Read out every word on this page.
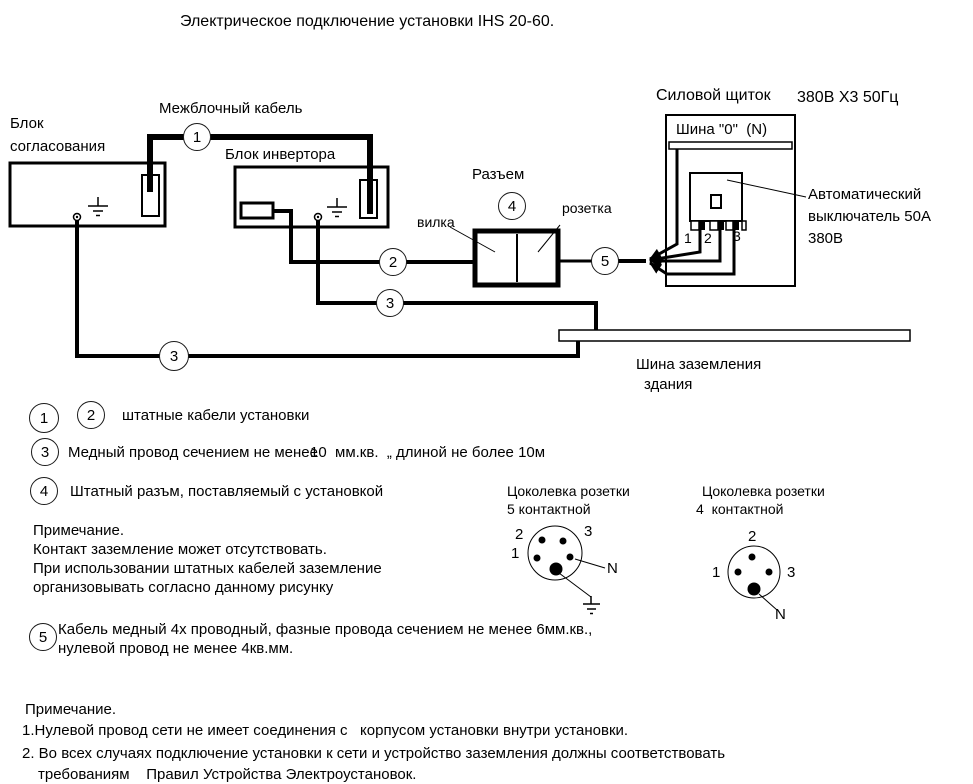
Электрическое подключение установки IHS 20-60.
Блок
согласования
Межблочный кабель
Блок инвертора
Разъем
вилка
розетка
Силовой щиток 380В Х3 50Гц
Шина "0"  (N)
Автоматический
выключатель 50А
380В
1 2 3
Шина заземления
здания
1
2
3
3
4
5
1	2	штатные кабели установки
3	Медный провод сечением не менее
10  мм.кв.  „ длиной не более 10м
4	Штатный разъм, поставляемый с установкой
5 Кабель медный 4х проводный, фазные провода сечением не менее 6мм.кв.,
нулевой провод не менее 4кв.мм.
Цоколевка розетки
5 контактной
2	3
1
N
Цоколевка розетки
4  контактной
2
1	3
N
Примечание.
Контакт заземление может отсутствовать.
При использовании штатных кабелей заземление
организовывать согласно данному рисунку
Примечание.
1.Нулевой провод сети не имеет соединения с   корпусом установки внутри установки.
2. Во всех случаях подключение установки к сети и устройство заземления должны соответствовать
требованиям    Правил Устройства Электроустановок.
